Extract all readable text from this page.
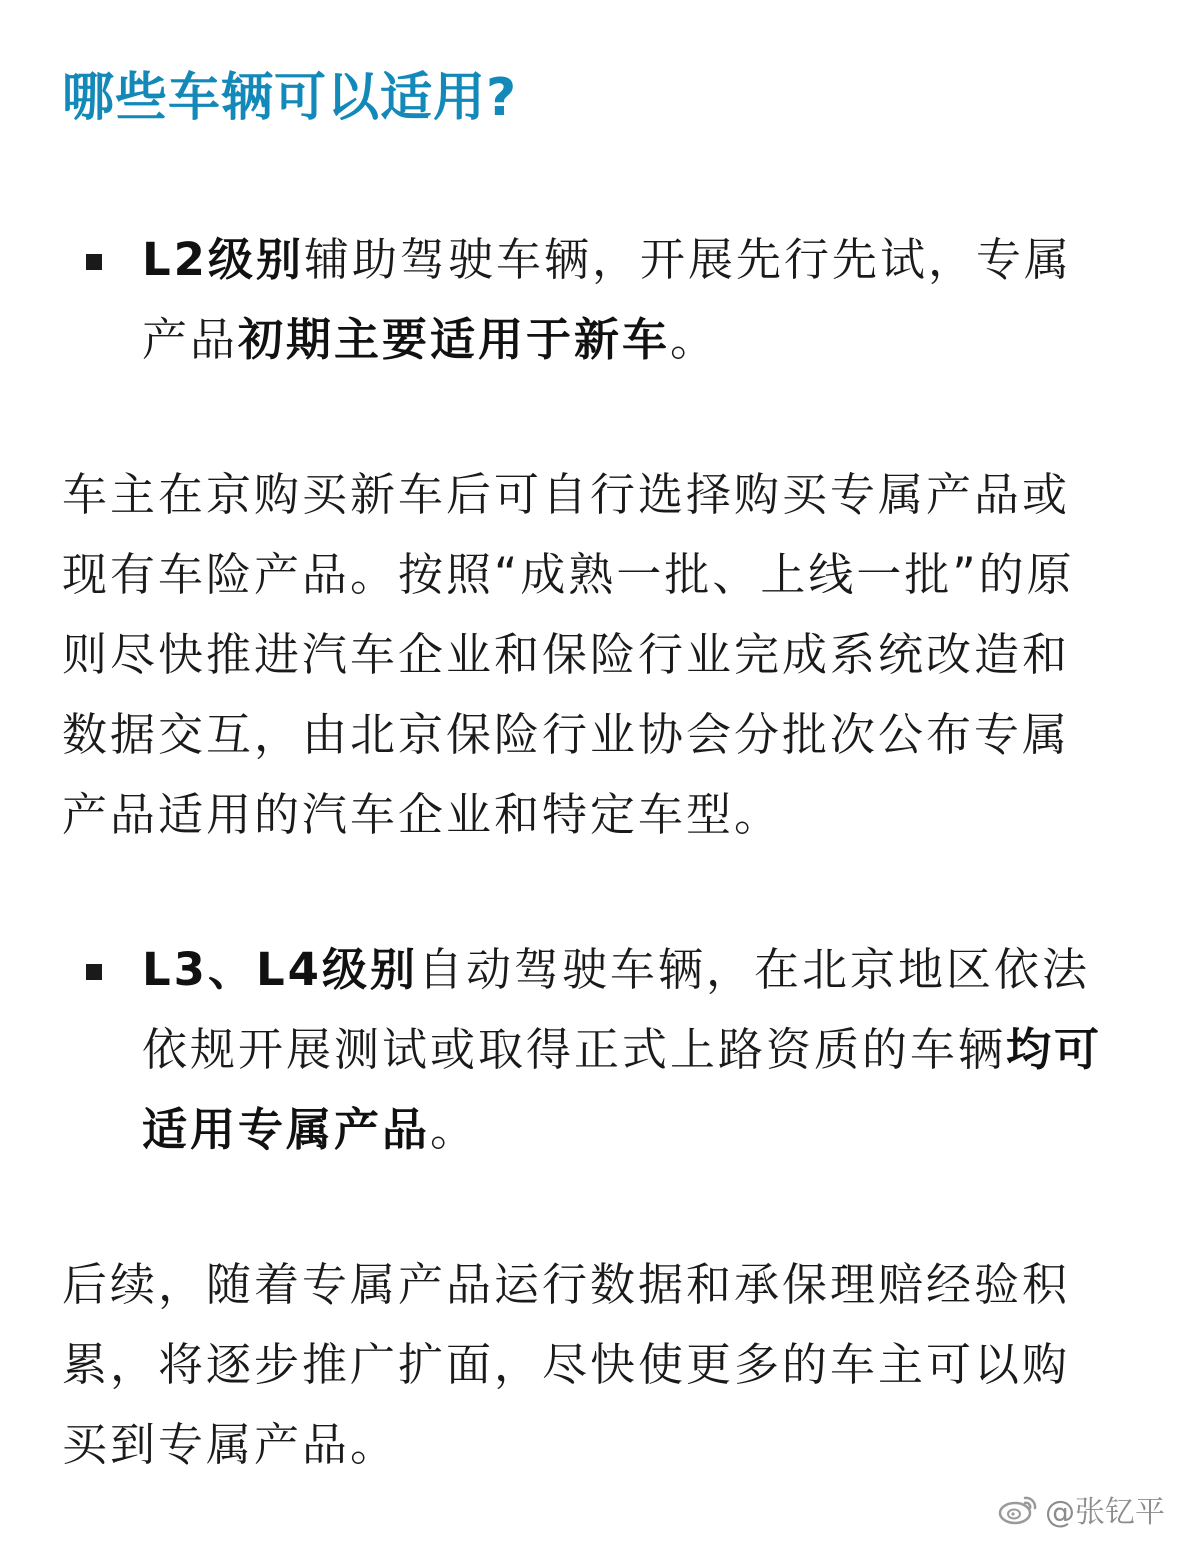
哪些车辆可以适用?
L2级别辅助驾驶车辆，开展先行先试，专属产品初期主要适用于新车。

车主在京购买新车后可自行选择购买专属产品或现有车险产品。按照“成熟一批、上线一批”的原则尽快推进汽车企业和保险行业完成系统改造和数据交互，由北京保险行业协会分批次公布专属产品适用的汽车企业和特定车型。

L3、L4级别自动驾驶车辆，在北京地区依法依规开展测试或取得正式上路资质的车辆均可适用专属产品。

后续，随着专属产品运行数据和承保理赔经验积累，将逐步推广扩面，尽快使更多的车主可以购买到专属产品。

@张钇平
